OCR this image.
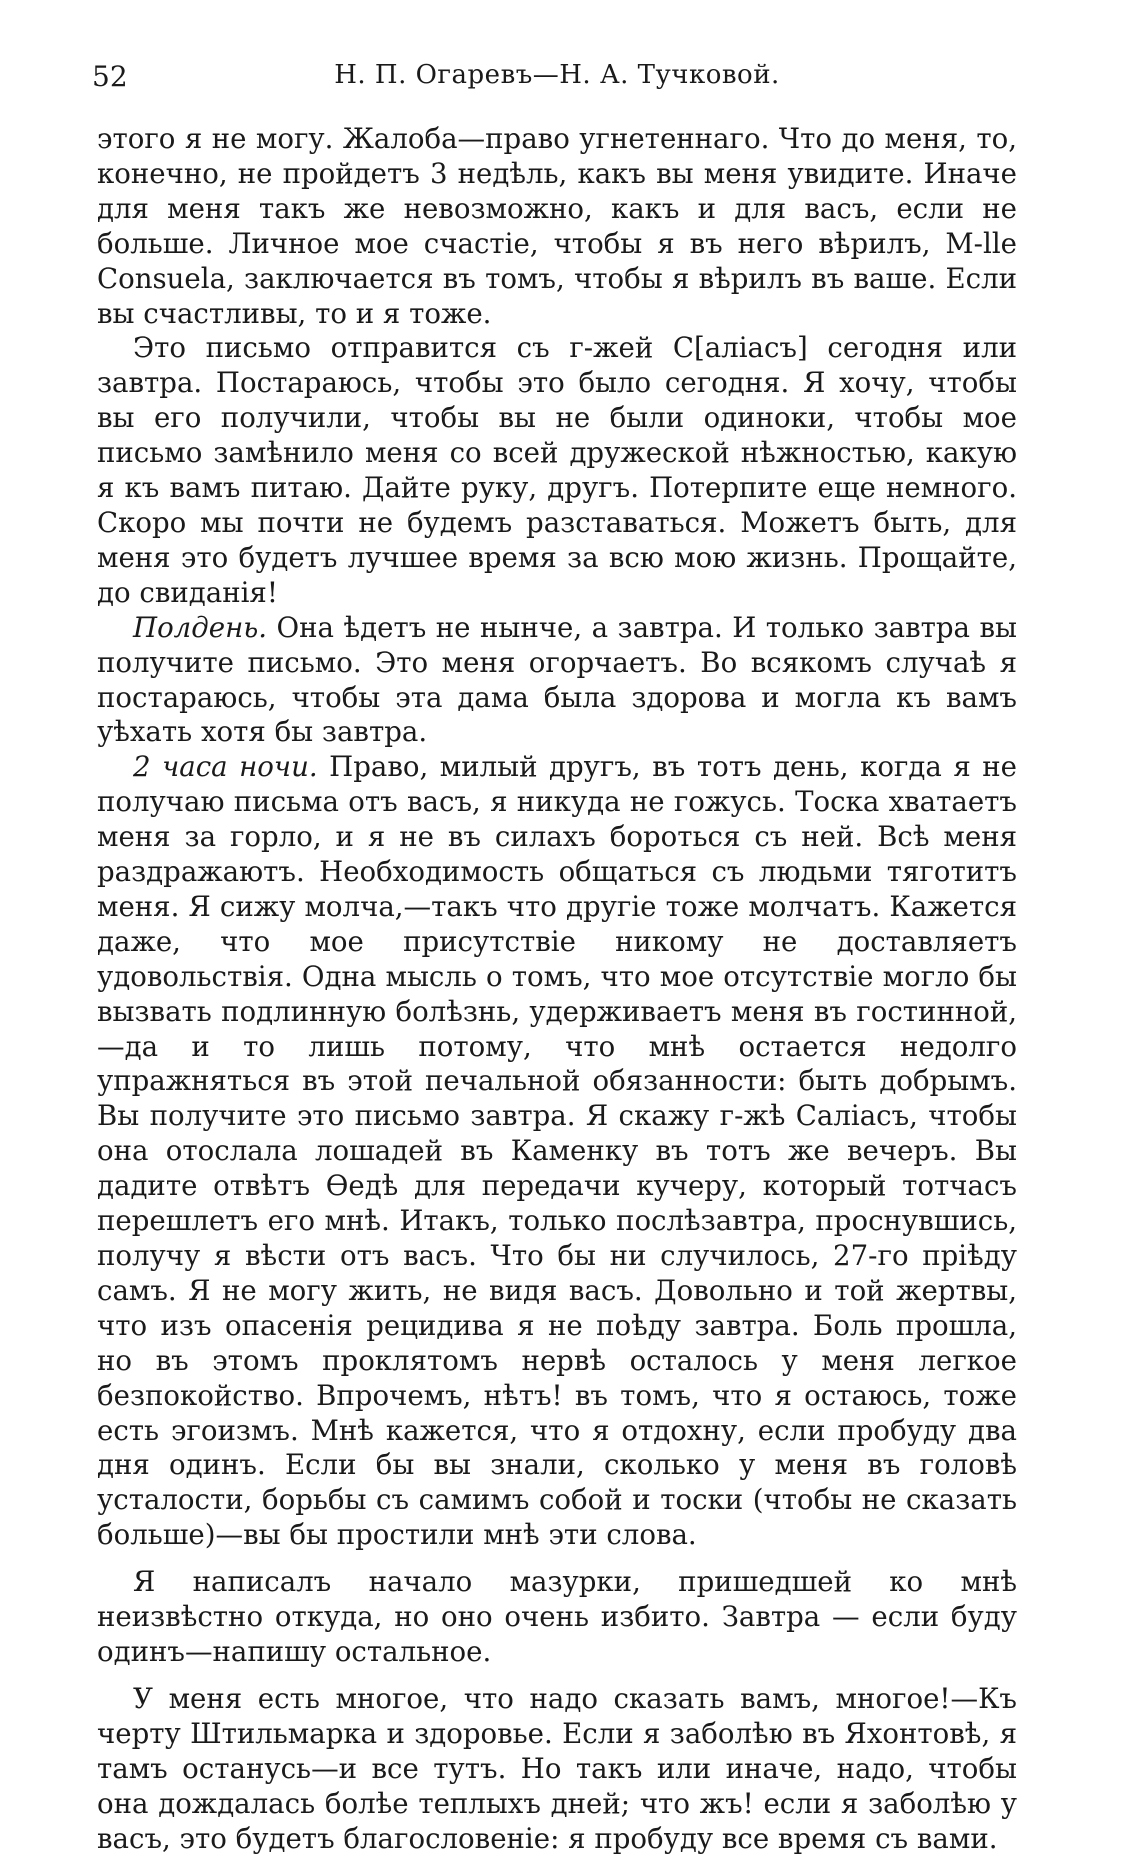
52	Н. П. Огаревъ—Н. А. Тучковой.

этого я не могу. Жалоба—право угнетеннаго. Что до меня, то, конечно, не пройдетъ 3 недѣль, какъ вы меня увидите. Иначе для меня такъ же невозможно, какъ и для васъ, если не больше. Личное мое счастіе, чтобы я въ него вѣрилъ, M-lle Consuela, заключается въ томъ, чтобы я вѣрилъ въ ваше. Если вы счастливы, то и я тоже.

Это письмо отправится съ г-жей С[аліасъ] сегодня или завтра. Постараюсь, чтобы это было сегодня. Я хочу, чтобы вы его получили, чтобы вы не были одиноки, чтобы мое письмо замѣнило меня со всей дружеской нѣжностью, какую я къ вамъ питаю. Дайте руку, другъ. Потерпите еще немного. Скоро мы почти не будемъ разставаться. Можетъ быть, для меня это будетъ лучшее время за всю мою жизнь. Прощайте, до свиданія!

Полдень. Она ѣдетъ не нынче, а завтра. И только завтра вы получите письмо. Это меня огорчаетъ. Во всякомъ случаѣ я постараюсь, чтобы эта дама была здорова и могла къ вамъ уѣхать хотя бы завтра.

2 часа ночи. Право, милый другъ, въ тотъ день, когда я не получаю письма отъ васъ, я никуда не гожусь. Тоска хватаетъ меня за горло, и я не въ силахъ бороться съ ней. Всѣ меня раздражаютъ. Необходимость общаться съ людьми тяготитъ меня. Я сижу молча,—такъ что другіе тоже молчатъ. Кажется даже, что мое присутствіе никому не доставляетъ удовольствія. Одна мысль о томъ, что мое отсутствіе могло бы вызвать подлинную болѣзнь, удерживаетъ меня въ гостинной,—да и то лишь потому, что мнѣ остается недолго упражняться въ этой печальной обязанности: быть добрымъ. Вы получите это письмо завтра. Я скажу г-жѣ Саліасъ, чтобы она отослала лошадей въ Каменку въ тотъ же вечеръ. Вы дадите отвѣтъ Өедѣ для передачи кучеру, который тотчасъ перешлетъ его мнѣ. Итакъ, только послѣзавтра, проснувшись, получу я вѣсти отъ васъ. Что бы ни случилось, 27-го пріѣду самъ. Я не могу жить, не видя васъ. Довольно и той жертвы, что изъ опасенія рецидива я не поѣду завтра. Боль прошла, но въ этомъ проклятомъ нервѣ осталось у меня легкое безпокойство. Впрочемъ, нѣтъ! въ томъ, что я остаюсь, тоже есть эгоизмъ. Мнѣ кажется, что я отдохну, если пробуду два дня одинъ. Если бы вы знали, сколько у меня въ головѣ усталости, борьбы съ самимъ собой и тоски (чтобы не сказать больше)—вы бы простили мнѣ эти слова.

Я написалъ начало мазурки, пришедшей ко мнѣ неизвѣстно откуда, но оно очень избито. Завтра — если буду одинъ—напишу остальное.

У меня есть многое, что надо сказать вамъ, многое!—Къ черту Штильмарка и здоровье. Если я заболѣю въ Яхонтовѣ, я тамъ останусь—и все тутъ. Но такъ или иначе, надо, чтобы она дождалась болѣе теплыхъ дней; что жъ! если я заболѣю у васъ, это будетъ благословеніе: я пробуду все время съ вами.
